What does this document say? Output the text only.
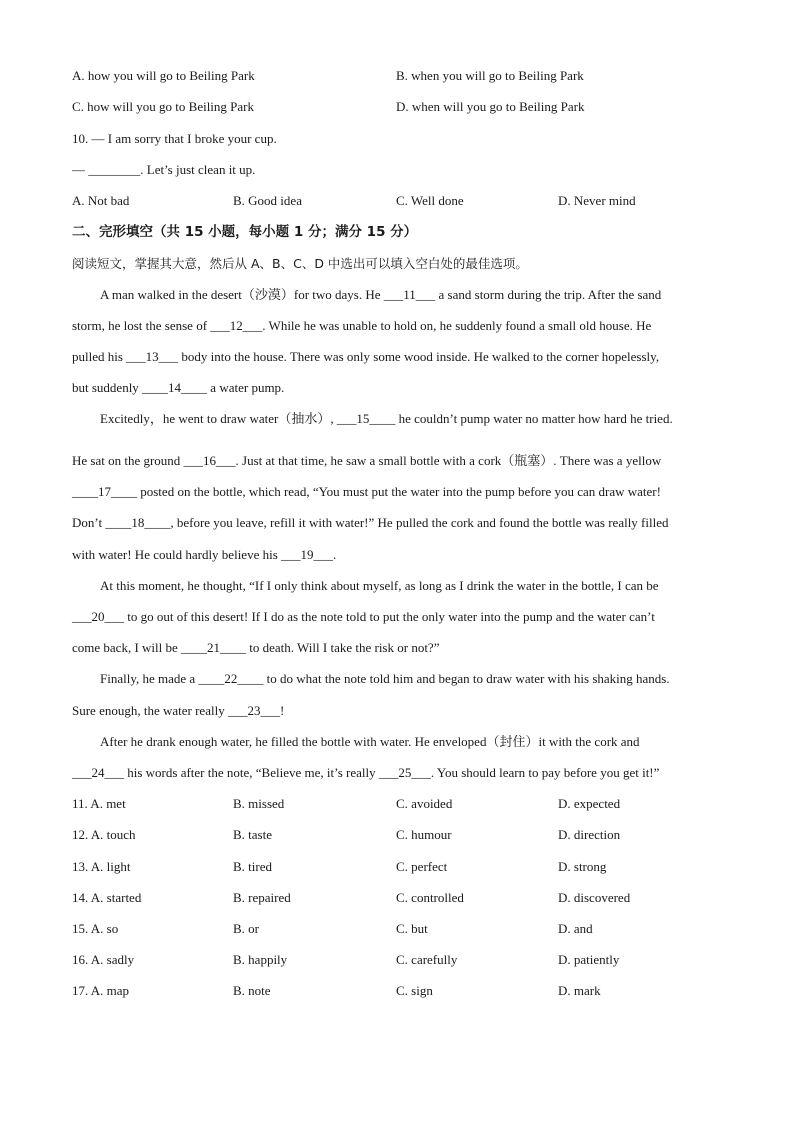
A. how you will go to Beiling Park	B. when you will go to Beiling Park
C. how will you go to Beiling Park	D. when will you go to Beiling Park
10. — I am sorry that I broke your cup.
— ________. Let’s just clean it up.
A. Not bad	B. Good idea	C. Well done	D. Never mind
二、完形填空（共 15 小题，每小题 1 分；满分 15 分）
阅读短文，掌握其大意，然后从 A、B、C、D 中选出可以填入空白处的最佳选项。
A man walked in the desert（沙漠）for two days. He ___11___ a sand storm during the trip. After the sand
storm, he lost the sense of ___12___. While he was unable to hold on, he suddenly found a small old house. He
pulled his ___13___ body into the house. There was only some wood inside. He walked to the corner hopelessly,
but suddenly ____14____ a water pump.
Excitedly，he went to draw water（抽水）, ___15____ he couldn’t pump water no matter how hard he tried.
He sat on the ground ___16___. Just at that time, he saw a small bottle with a cork（瓶塞）. There was a yellow
____17____ posted on the bottle, which read, “You must put the water into the pump before you can draw water!
Don’t ____18____, before you leave, refill it with water!” He pulled the cork and found the bottle was really filled
with water! He could hardly believe his ___19___.
At this moment, he thought, “If I only think about myself, as long as I drink the water in the bottle, I can be
___20___ to go out of this desert! If I do as the note told to put the only water into the pump and the water can’t
come back, I will be ____21____ to death. Will I take the risk or not?”
Finally, he made a ____22____ to do what the note told him and began to draw water with his shaking hands.
Sure enough, the water really ___23___!
After he drank enough water, he filled the bottle with water. He enveloped（封住）it with the cork and
___24___ his words after the note, “Believe me, it’s really ___25___. You should learn to pay before you get it!”
11. A. met	B. missed	C. avoided	D. expected
12. A. touch	B. taste	C. humour	D. direction
13. A. light	B. tired	C. perfect	D. strong
14. A. started	B. repaired	C. controlled	D. discovered
15. A. so	B. or	C. but	D. and
16. A. sadly	B. happily	C. carefully	D. patiently
17. A. map	B. note	C. sign	D. mark
